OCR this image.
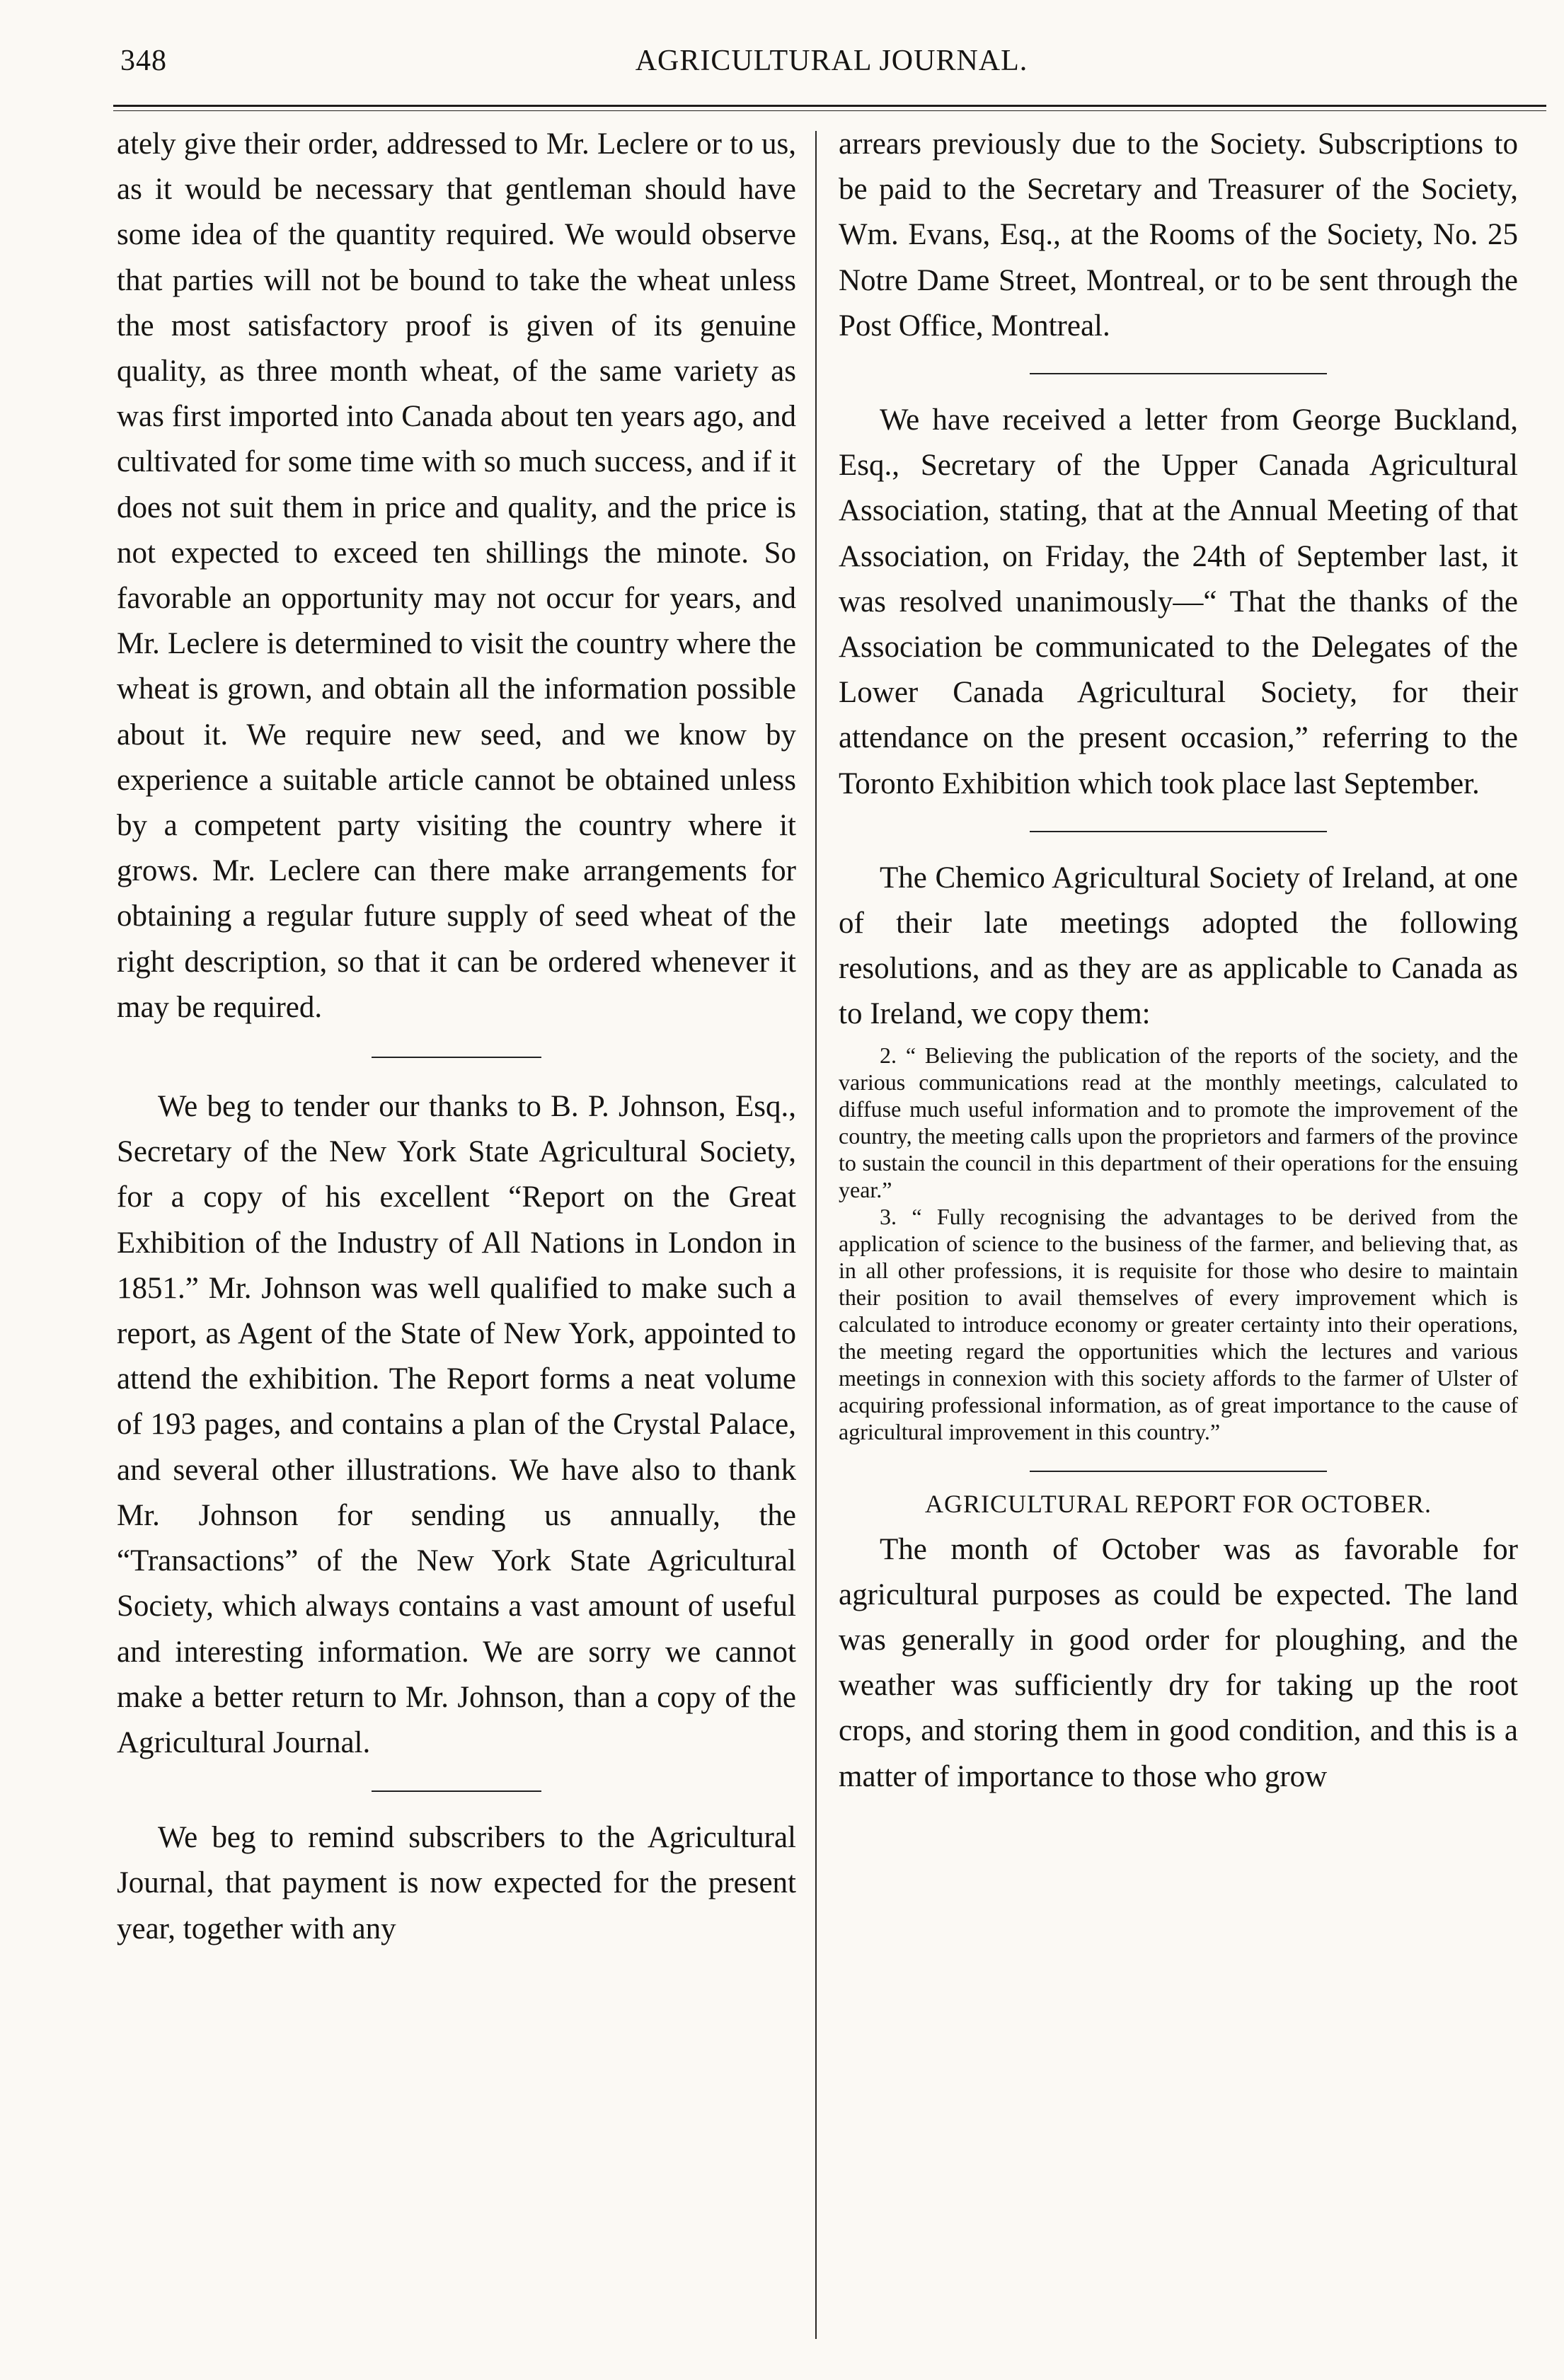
348	AGRICULTURAL JOURNAL.

ately give their order, addressed to Mr. Leclere or to us, as it would be necessary that gentleman should have some idea of the quantity required. We would observe that parties will not be bound to take the wheat unless the most satisfactory proof is given of its genuine quality, as three month wheat, of the same variety as was first imported into Canada about ten years ago, and cultivated for some time with so much success, and if it does not suit them in price and quality, and the price is not expected to exceed ten shillings the minote. So favorable an opportunity may not occur for years, and Mr. Leclere is determined to visit the country where the wheat is grown, and obtain all the information possible about it. We require new seed, and we know by experience a suitable article cannot be obtained unless by a competent party visiting the country where it grows. Mr. Leclere can there make arrangements for obtaining a regular future supply of seed wheat of the right description, so that it can be ordered whenever it may be required.

We beg to tender our thanks to B. P. Johnson, Esq., Secretary of the New York State Agricultural Society, for a copy of his excellent “Report on the Great Exhibition of the Industry of All Nations in London in 1851.” Mr. Johnson was well qualified to make such a report, as Agent of the State of New York, appointed to attend the exhibition. The Report forms a neat volume of 193 pages, and contains a plan of the Crystal Palace, and several other illustrations. We have also to thank Mr. Johnson for sending us annually, the “Transactions” of the New York State Agricultural Society, which always contains a vast amount of useful and interesting information. We are sorry we cannot make a better return to Mr. Johnson, than a copy of the Agricultural Journal.

We beg to remind subscribers to the Agricultural Journal, that payment is now expected for the present year, together with any

arrears previously due to the Society. Subscriptions to be paid to the Secretary and Treasurer of the Society, Wm. Evans, Esq., at the Rooms of the Society, No. 25 Notre Dame Street, Montreal, or to be sent through the Post Office, Montreal.

We have received a letter from George Buckland, Esq., Secretary of the Upper Canada Agricultural Association, stating, that at the Annual Meeting of that Association, on Friday, the 24th of September last, it was resolved unanimously—“ That the thanks of the Association be communicated to the Delegates of the Lower Canada Agricultural Society, for their attendance on the present occasion,” referring to the Toronto Exhibition which took place last September.

The Chemico Agricultural Society of Ireland, at one of their late meetings adopted the following resolutions, and as they are as applicable to Canada as to Ireland, we copy them:

2. “ Believing the publication of the reports of the society, and the various communications read at the monthly meetings, calculated to diffuse much useful information and to promote the improvement of the country, the meeting calls upon the proprietors and farmers of the province to sustain the council in this department of their operations for the ensuing year.”

3. “ Fully recognising the advantages to be derived from the application of science to the business of the farmer, and believing that, as in all other professions, it is requisite for those who desire to maintain their position to avail themselves of every improvement which is calculated to introduce economy or greater certainty into their operations, the meeting regard the opportunities which the lectures and various meetings in connexion with this society affords to the farmer of Ulster of acquiring professional information, as of great importance to the cause of agricultural improvement in this country.”

AGRICULTURAL REPORT FOR OCTOBER.

The month of October was as favorable for agricultural purposes as could be expected. The land was generally in good order for ploughing, and the weather was sufficiently dry for taking up the root crops, and storing them in good condition, and this is a matter of importance to those who grow
